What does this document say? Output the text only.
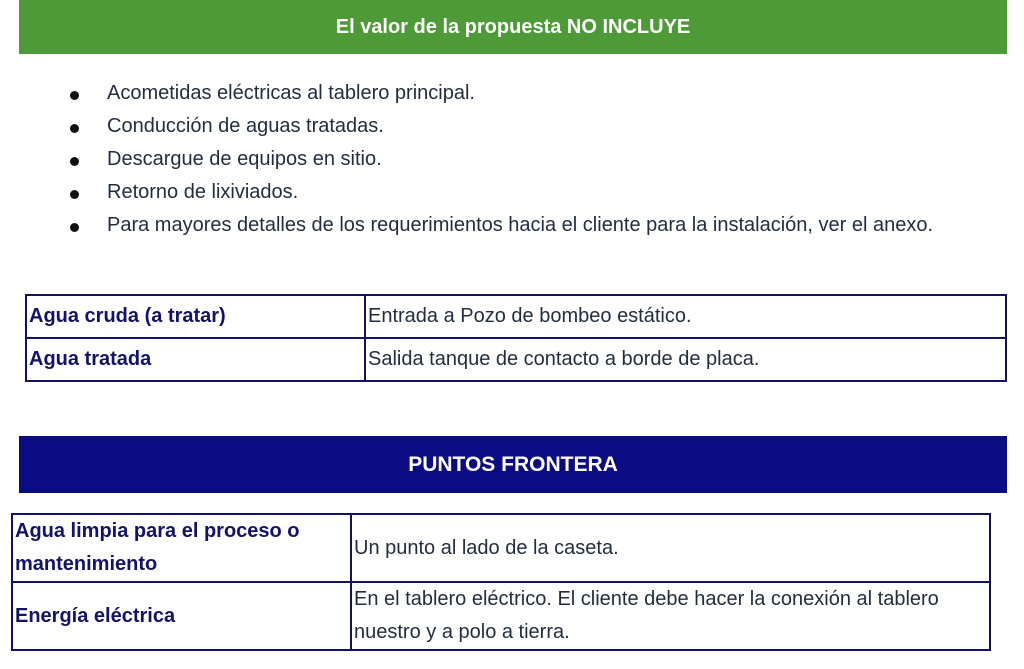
El valor de la propuesta NO INCLUYE
Acometidas eléctricas al tablero principal.
Conducción de aguas tratadas.
Descargue de equipos en sitio.
Retorno de lixiviados.
Para mayores detalles de los requerimientos hacia el cliente para la instalación, ver el anexo.
Agua cruda (a tratar)	Entrada a Pozo de bombeo estático.
Agua tratada	Salida tanque de contacto a borde de placa.
PUNTOS FRONTERA
Agua limpia para el proceso o mantenimiento	Un punto al lado de la caseta.
Energía eléctrica	En el tablero eléctrico. El cliente debe hacer la conexión al tablero nuestro y a polo a tierra.
